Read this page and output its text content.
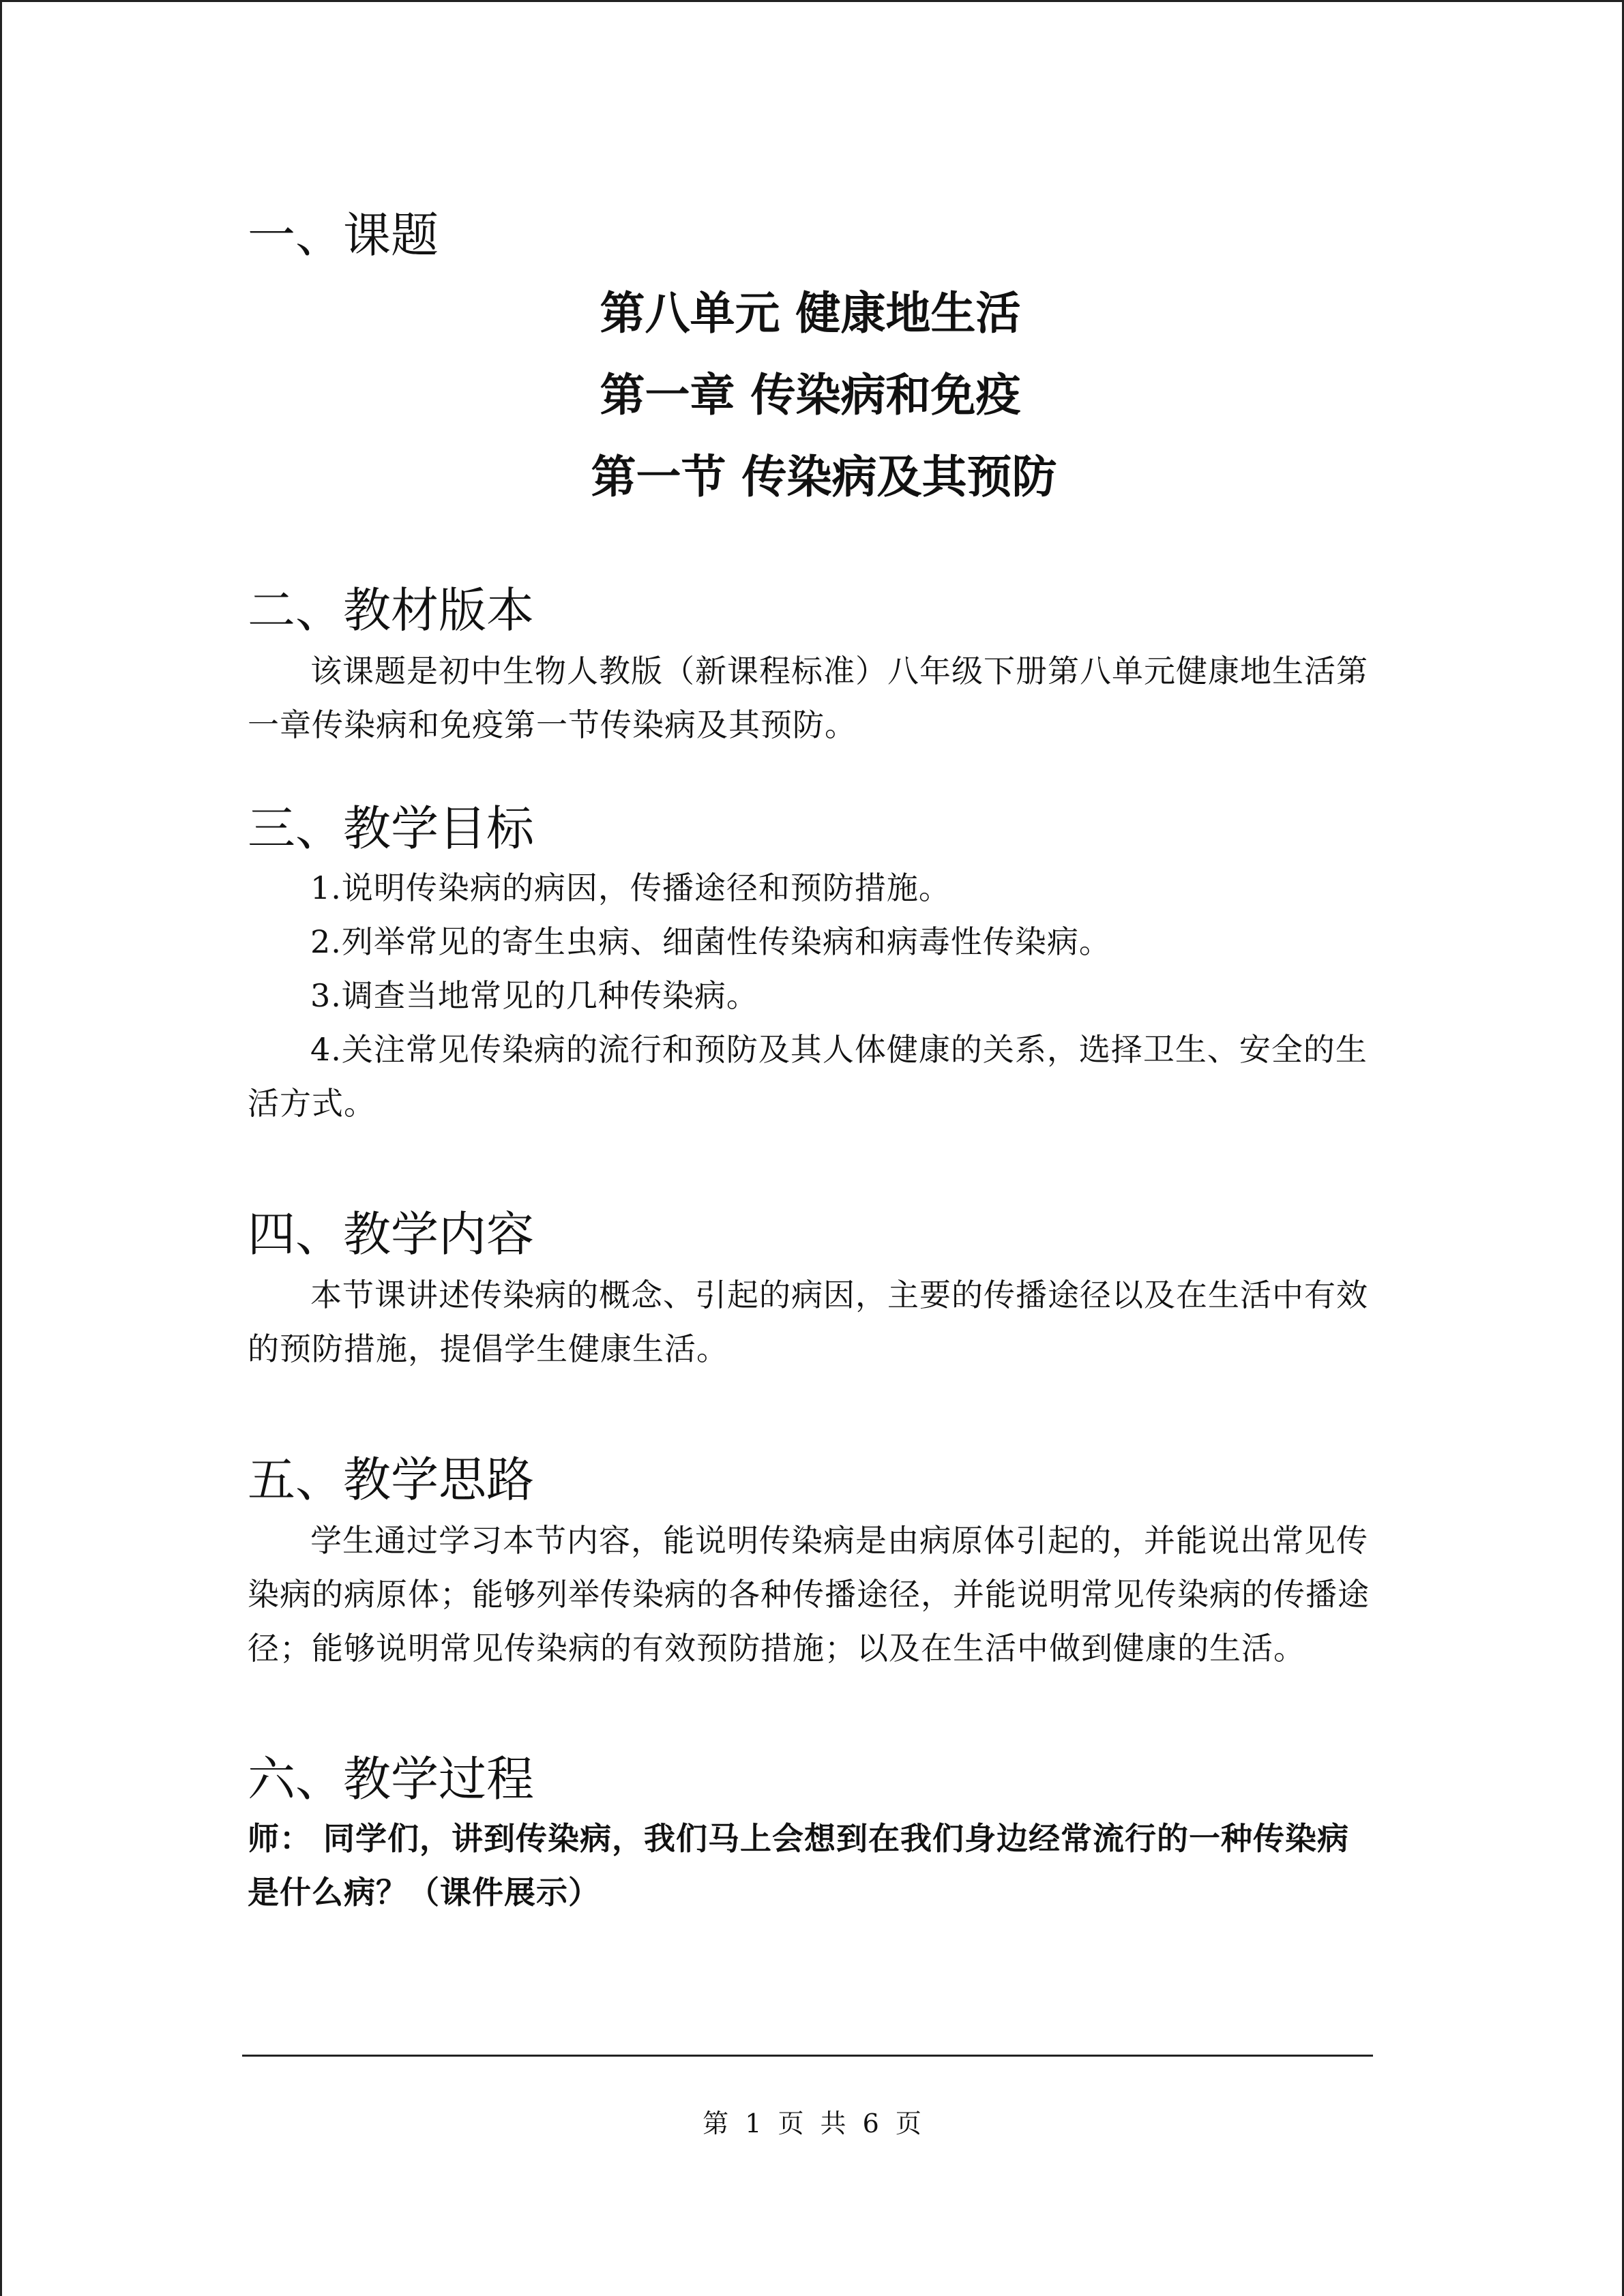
一、课题
第八单元 健康地生活
第一章 传染病和免疫
第一节 传染病及其预防
二、教材版本

该课题是初中生物人教版（新课程标准）八年级下册第八单元健康地生活第一章传染病和免疫第一节传染病及其预防。

三、教学目标

1.说明传染病的病因，传播途径和预防措施。

2.列举常见的寄生虫病、细菌性传染病和病毒性传染病。

3.调查当地常见的几种传染病。

4.关注常见传染病的流行和预防及其人体健康的关系，选择卫生、安全的生活方式。

四、教学内容

本节课讲述传染病的概念、引起的病因，主要的传播途径以及在生活中有效的预防措施，提倡学生健康生活。

五、教学思路

学生通过学习本节内容，能说明传染病是由病原体引起的，并能说出常见传染病的病原体；能够列举传染病的各种传播途径，并能说明常见传染病的传播途径；能够说明常见传染病的有效预防措施；以及在生活中做到健康的生活。

六、教学过程

师： 同学们，讲到传染病，我们马上会想到在我们身边经常流行的一种传染病是什么病？（课件展示）

第 1 页 共 6 页
